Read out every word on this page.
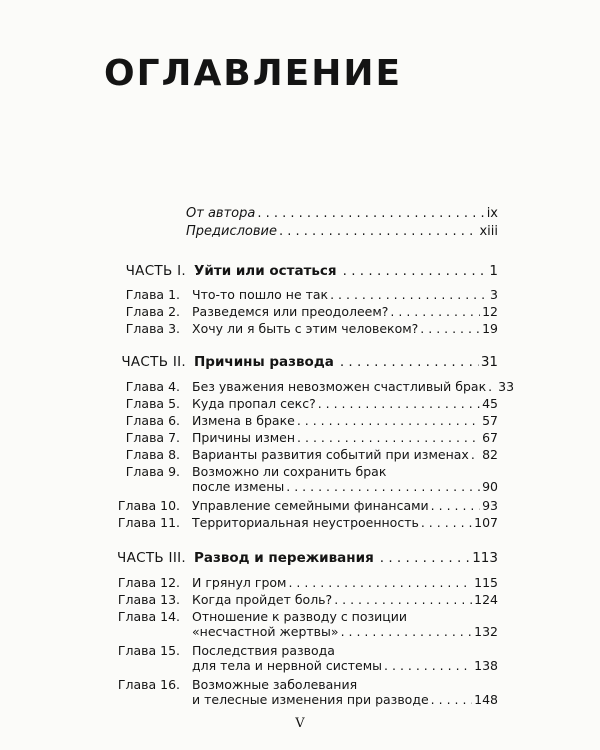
ОГЛАВЛЕНИЕ
От автора . . .	ix
Предисловие . . .	xiii
ЧАСТЬ I. Уйти или остаться . . .	1
Глава 1. Что-то пошло не так . . .	3
Глава 2. Разведемся или преодолеем? . . .	12
Глава 3. Хочу ли я быть с этим человеком? . . .	19
ЧАСТЬ II. Причины развода . . .	31
Глава 4. Без уважения невозможен счастливый брак . . . 33
Глава 5. Куда пропал секс? . . .	45
Глава 6. Измена в браке . . .	57
Глава 7. Причины измен . . .	67
Глава 8. Варианты развития событий при изменах . . . 82
Глава 9. Возможно ли сохранить брак
после измены . . .	90
Глава 10. Управление семейными финансами . . .	93
Глава 11. Территориальная неустроенность . . .	107
ЧАСТЬ III. Развод и переживания . . .	113
Глава 12. И грянул гром . . .	115
Глава 13. Когда пройдет боль? . . .	124
Глава 14. Отношение к разводу с позиции
«несчастной жертвы» . . .	132
Глава 15. Последствия развода
для тела и нервной системы . . .	138
Глава 16. Возможные заболевания
и телесные изменения при разводе . . .	148
V
